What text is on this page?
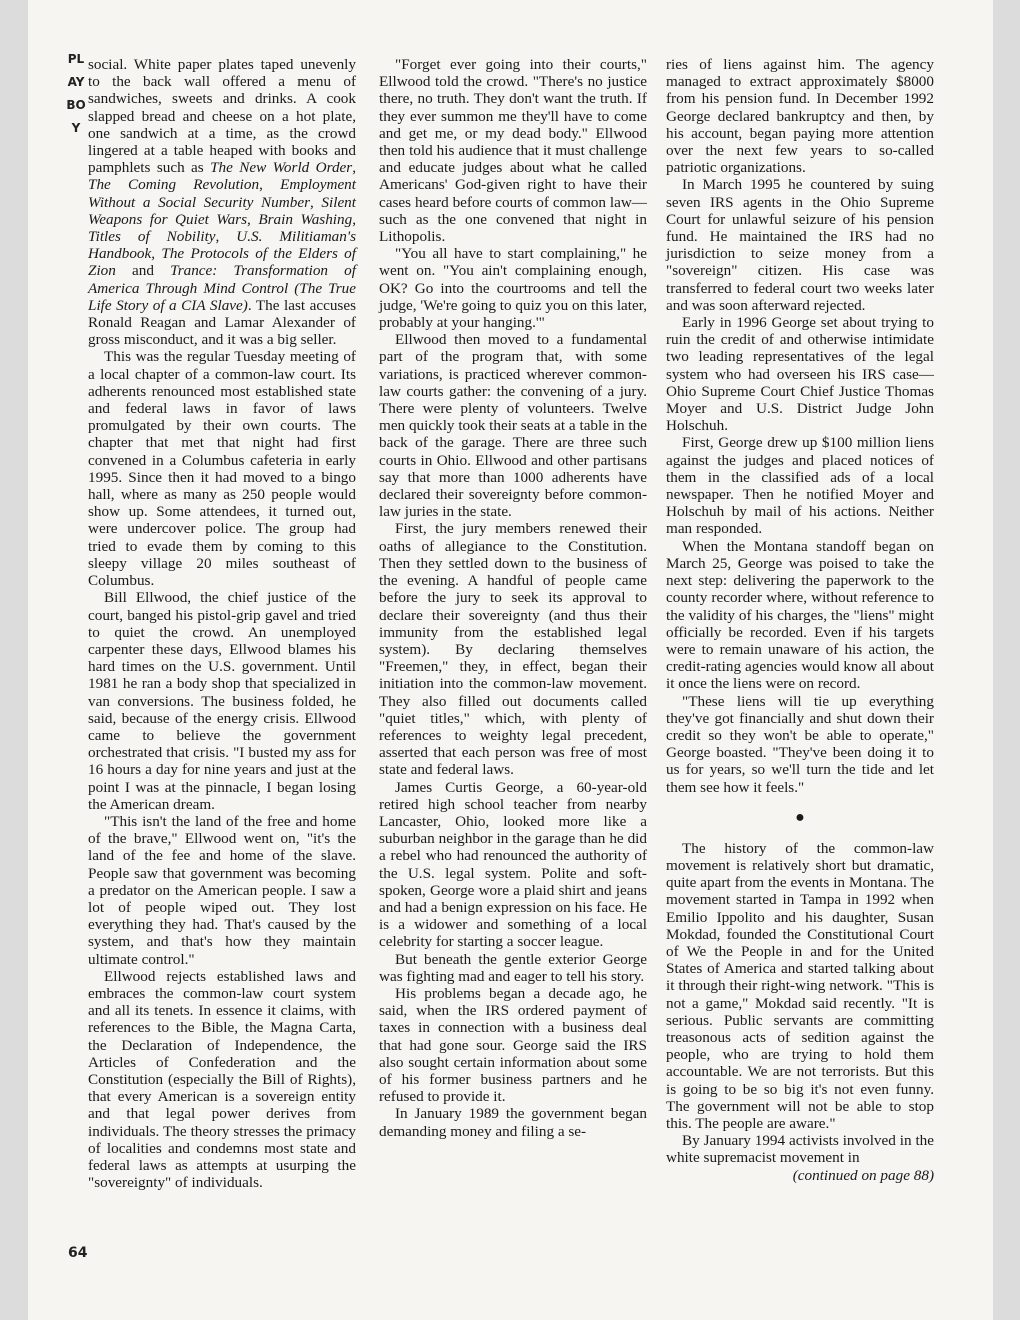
PLAYBOY
64

social. White paper plates taped unevenly to the back wall offered a menu of sandwiches, sweets and drinks. A cook slapped bread and cheese on a hot plate, one sandwich at a time, as the crowd lingered at a table heaped with books and pamphlets such as The New World Order, The Coming Revolution, Employment Without a Social Security Number, Silent Weapons for Quiet Wars, Brain Washing, Titles of Nobility, U.S. Militiaman's Handbook, The Protocols of the Elders of Zion and Trance: Transformation of America Through Mind Control (The True Life Story of a CIA Slave). The last accuses Ronald Reagan and Lamar Alexander of gross misconduct, and it was a big seller.

This was the regular Tuesday meeting of a local chapter of a common-law court. Its adherents renounced most established state and federal laws in favor of laws promulgated by their own courts. The chapter that met that night had first convened in a Columbus cafeteria in early 1995. Since then it had moved to a bingo hall, where as many as 250 people would show up. Some attendees, it turned out, were undercover police. The group had tried to evade them by coming to this sleepy village 20 miles southeast of Columbus.

Bill Ellwood, the chief justice of the court, banged his pistol-grip gavel and tried to quiet the crowd. An unemployed carpenter these days, Ellwood blames his hard times on the U.S. government. Until 1981 he ran a body shop that specialized in van conversions. The business folded, he said, because of the energy crisis. Ellwood came to believe the government orchestrated that crisis. "I busted my ass for 16 hours a day for nine years and just at the point I was at the pinnacle, I began losing the American dream.

"This isn't the land of the free and home of the brave," Ellwood went on, "it's the land of the fee and home of the slave. People saw that government was becoming a predator on the American people. I saw a lot of people wiped out. They lost everything they had. That's caused by the system, and that's how they maintain ultimate control."

Ellwood rejects established laws and embraces the common-law court system and all its tenets. In essence it claims, with references to the Bible, the Magna Carta, the Declaration of Independence, the Articles of Confederation and the Constitution (especially the Bill of Rights), that every American is a sovereign entity and that legal power derives from individuals. The theory stresses the primacy of localities and condemns most state and federal laws as attempts at usurping the "sovereignty" of individuals.

"Forget ever going into their courts," Ellwood told the crowd. "There's no justice there, no truth. They don't want the truth. If they ever summon me they'll have to come and get me, or my dead body." Ellwood then told his audience that it must challenge and educate judges about what he called Americans' God-given right to have their cases heard before courts of common law—such as the one convened that night in Lithopolis.

"You all have to start complaining," he went on. "You ain't complaining enough, OK? Go into the courtrooms and tell the judge, 'We're going to quiz you on this later, probably at your hanging.'"

Ellwood then moved to a fundamental part of the program that, with some variations, is practiced wherever common-law courts gather: the convening of a jury. There were plenty of volunteers. Twelve men quickly took their seats at a table in the back of the garage. There are three such courts in Ohio. Ellwood and other partisans say that more than 1000 adherents have declared their sovereignty before common-law juries in the state.

First, the jury members renewed their oaths of allegiance to the Constitution. Then they settled down to the business of the evening. A handful of people came before the jury to seek its approval to declare their sovereignty (and thus their immunity from the established legal system). By declaring themselves "Freemen," they, in effect, began their initiation into the common-law movement. They also filled out documents called "quiet titles," which, with plenty of references to weighty legal precedent, asserted that each person was free of most state and federal laws.

James Curtis George, a 60-year-old retired high school teacher from nearby Lancaster, Ohio, looked more like a suburban neighbor in the garage than he did a rebel who had renounced the authority of the U.S. legal system. Polite and soft-spoken, George wore a plaid shirt and jeans and had a benign expression on his face. He is a widower and something of a local celebrity for starting a soccer league.

But beneath the gentle exterior George was fighting mad and eager to tell his story.

His problems began a decade ago, he said, when the IRS ordered payment of taxes in connection with a business deal that had gone sour. George said the IRS also sought certain information about some of his former business partners and he refused to provide it.

In January 1989 the government began demanding money and filing a se-

ries of liens against him. The agency managed to extract approximately $8000 from his pension fund. In December 1992 George declared bankruptcy and then, by his account, began paying more attention over the next few years to so-called patriotic organizations.

In March 1995 he countered by suing seven IRS agents in the Ohio Supreme Court for unlawful seizure of his pension fund. He maintained the IRS had no jurisdiction to seize money from a "sovereign" citizen. His case was transferred to federal court two weeks later and was soon afterward rejected.

Early in 1996 George set about trying to ruin the credit of and otherwise intimidate two leading representatives of the legal system who had overseen his IRS case—Ohio Supreme Court Chief Justice Thomas Moyer and U.S. District Judge John Holschuh.

First, George drew up $100 million liens against the judges and placed notices of them in the classified ads of a local newspaper. Then he notified Moyer and Holschuh by mail of his actions. Neither man responded.

When the Montana standoff began on March 25, George was poised to take the next step: delivering the paperwork to the county recorder where, without reference to the validity of his charges, the "liens" might officially be recorded. Even if his targets were to remain unaware of his action, the credit-rating agencies would know all about it once the liens were on record.

"These liens will tie up everything they've got financially and shut down their credit so they won't be able to operate," George boasted. "They've been doing it to us for years, so we'll turn the tide and let them see how it feels."

●

The history of the common-law movement is relatively short but dramatic, quite apart from the events in Montana. The movement started in Tampa in 1992 when Emilio Ippolito and his daughter, Susan Mokdad, founded the Constitutional Court of We the People in and for the United States of America and started talking about it through their right-wing network. "This is not a game," Mokdad said recently. "It is serious. Public servants are committing treasonous acts of sedition against the people, who are trying to hold them accountable. We are not terrorists. But this is going to be so big it's not even funny. The government will not be able to stop this. The people are aware."

By January 1994 activists involved in the white supremacist movement in

(continued on page 88)
